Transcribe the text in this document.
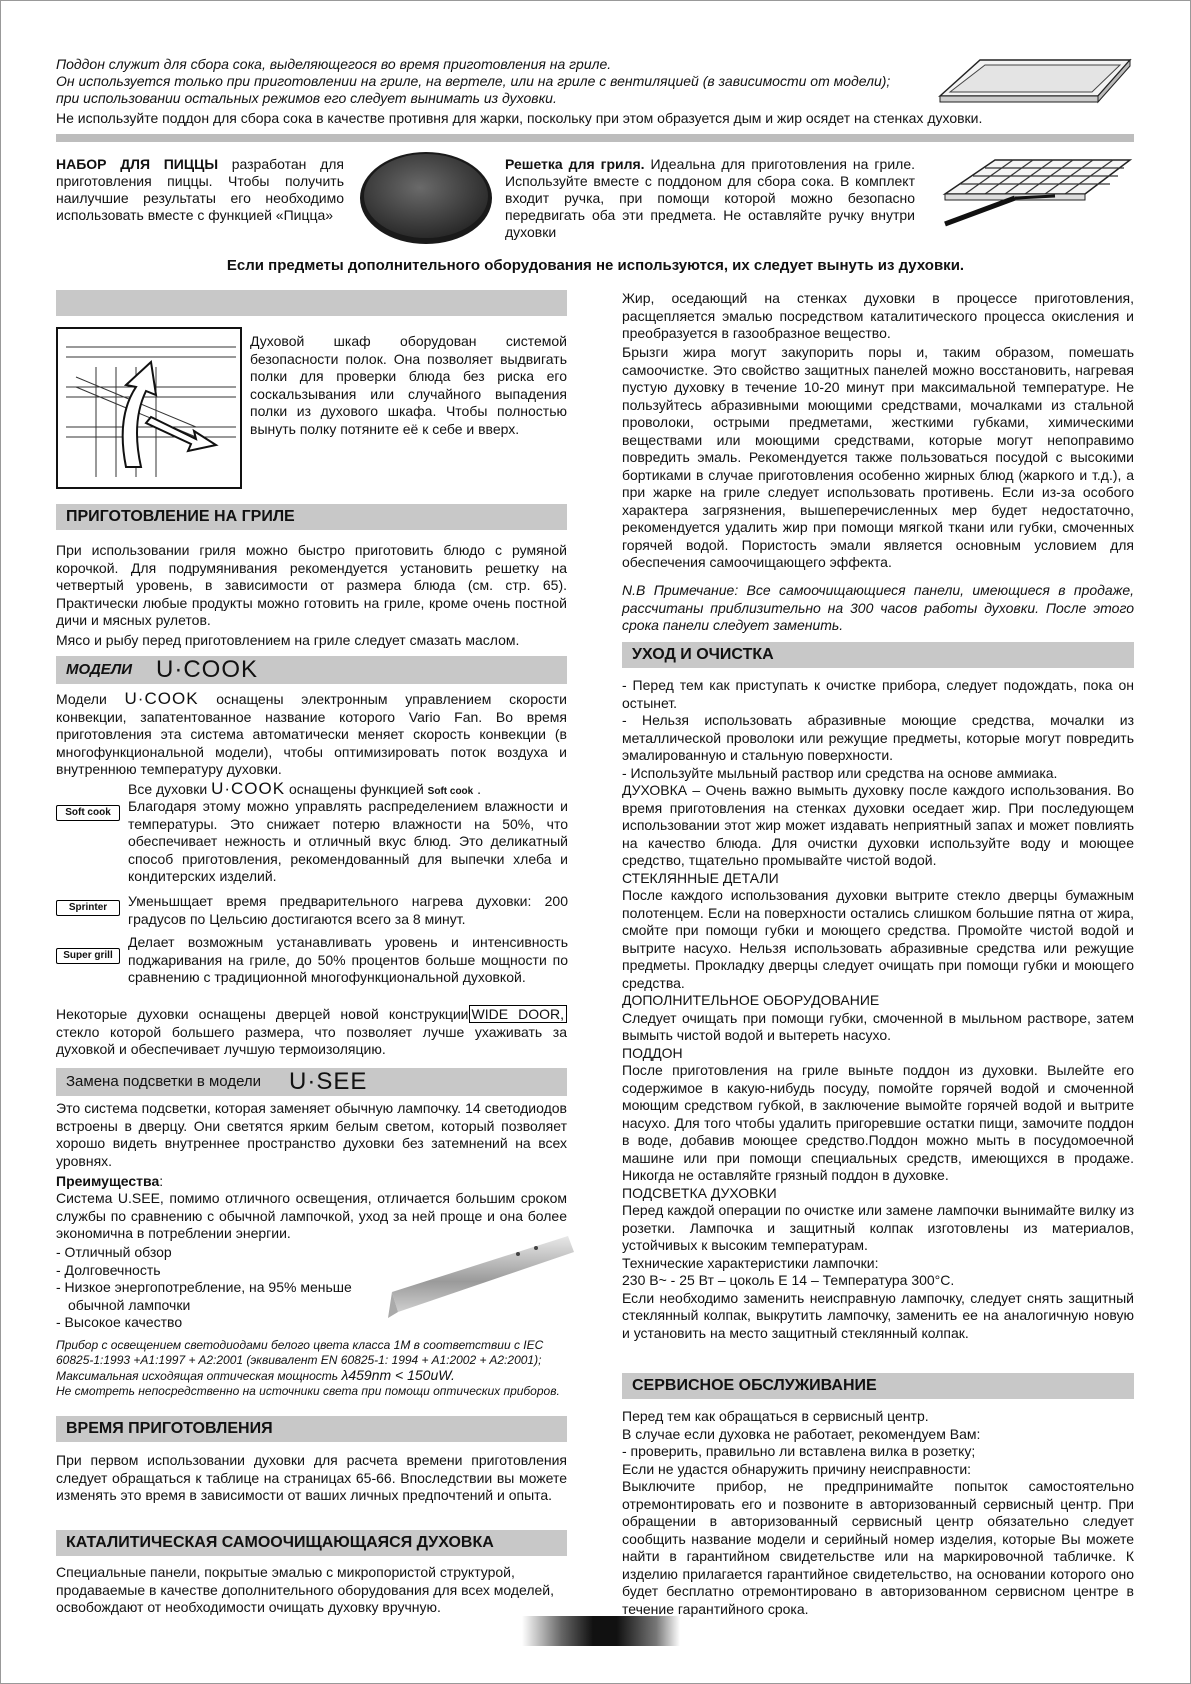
Поддон служит для сбора сока, выделяющегося во время приготовления на гриле.
Он используется только при приготовлении на гриле, на вертеле, или на гриле с вентиляцией (в зависимости от модели);
при использовании остальных режимов его следует вынимать из духовки.
Не используйте поддон для сбора сока в качестве противня для жарки, поскольку при этом образуется дым и жир осядет на стенках духовки.
НАБОР ДЛЯ ПИЦЦЫ разработан для приготовления пиццы. Чтобы получить наилучшие результаты его необходимо использовать вместе с функцией «Пицца»
Решетка для гриля. Идеальна для приготовления на гриле. Используйте вместе с поддоном для сбора сока. В комплект входит ручка, при помощи которой можно безопасно передвигать оба эти предмета. Не оставляйте ручку внутри духовки
Если предметы дополнительного оборудования не используются, их следует вынуть из духовки.
Духовой шкаф оборудован системой безопасности полок. Она позволяет выдвигать полки для проверки блюда без риска его соскальзывания или случайного выпадения полки из духового шкафа. Чтобы полностью вынуть полку потяните её к себе и вверх.
ПРИГОТОВЛЕНИЕ НА ГРИЛЕ
При использовании гриля можно быстро приготовить блюдо с румяной корочкой. Для подрумянивания рекомендуется установить решетку на четвертый уровень, в зависимости от размера блюда (см. стр. 65). Практически любые продукты можно готовить на гриле, кроме очень постной дичи и мясных рулетов.
Мясо и рыбу перед приготовлением на гриле следует смазать маслом.
МОДЕЛИ U·COOK
Модели U·COOK оснащены электронным управлением скорости конвекции, запатентованное название которого Vario Fan. Во время приготовления эта система автоматически меняет скорость конвекции (в многофункциональной модели), чтобы оптимизировать поток воздуха и внутреннюю температуру духовки.
Все духовки U·COOK оснащены функцией Soft cook .
Soft cook	Благодаря этому можно управлять распределением влажности и температуры. Это снижает потерю влажности на 50%, что обеспечивает нежность и отличный вкус блюд. Это деликатный способ приготовления, рекомендованный для выпечки хлеба и кондитерских изделий.
Sprinter	Уменьшщает время предварительного нагрева духовки: 200 градусов по Цельсию достигаются всего за 8 минут.
Super grill
Делает возможным устанавливать уровень и интенсивность поджаривания на гриле, до 50% процентов больше мощности по сравнению с традиционной многофункциональной духовкой.
Некоторые духовки оснащены дверцей новой конструкции WIDE DOOR, стекло которой большего размера, что позволяет лучше ухаживать за духовкой и обеспечивает лучшую термоизоляцию.
Замена подсветки в модели U·SEE
Это система подсветки, которая заменяет обычную лампочку. 14 светодиодов встроены в дверцу. Они светятся ярким белым светом, который позволяет хорошо видеть внутреннее пространство духовки без затемнений на всех уровнях.
Преимущества:
Система U.SEE, помимо отличного освещения, отличается большим сроком службы по сравнению с обычной лампочкой, уход за ней проще и она более экономична в потреблении энергии.
- Отличный обзор
- Долговечность
- Низкое энергопотребление, на 95% меньше
обычной лампочки
- Высокое качество
Прибор с освещением светодиодами белого цвета класса 1М в соответствии с IEC
60825-1:1993 +A1:1997 + A2:2001 (эквивалент EN 60825-1: 1994 + A1:2002 + A2:2001);
Максимальная исходящая оптическая мощность λ459nm < 150uW.
Не смотреть непосредственно на источники света при помощи оптических приборов.
ВРЕМЯ ПРИГОТОВЛЕНИЯ
При первом использовании духовки для расчета времени приготовления следует обращаться к таблице на страницах 65-66. Впоследствии вы можете изменять это время в зависимости от ваших личных предпочтений и опыта.
КАТАЛИТИЧЕСКАЯ САМООЧИЩАЮЩАЯСЯ ДУХОВКА
Специальные панели, покрытые эмалью с микропористой структурой, продаваемые в качестве дополнительного оборудования для всех моделей, освобождают от необходимости очищать духовку вручную.
Жир, оседающий на стенках духовки в процессе приготовления, расщепляется эмалью посредством каталитического процесса окисления и преобразуется в газообразное вещество.
Брызги жира могут закупорить поры и, таким образом, помешать самоочистке. Это свойство защитных панелей можно восстановить, нагревая пустую духовку в течение 10-20 минут при максимальной температуре. Не пользуйтесь абразивными моющими средствами, мочалками из стальной проволоки, острыми предметами, жесткими губками, химическими веществами или моющими средствами, которые могут непоправимо повредить эмаль. Рекомендуется также пользоваться посудой с высокими бортиками в случае приготовления особенно жирных блюд (жаркого и т.д.), а при жарке на гриле следует использовать противень. Если из-за особого характера загрязнения, вышеперечисленных мер будет недостаточно, рекомендуется удалить жир при помощи мягкой ткани или губки, смоченных горячей водой. Пористость эмали является основным условием для обеспечения самоочищающего эффекта.
N.B Примечание: Все самоочищающиеся панели, имеющиеся в продаже, рассчитаны приблизительно на 300 часов работы духовки. После этого срока панели следует заменить.
УХОД И ОЧИСТКА
- Перед тем как приступать к очистке прибора, следует подождать, пока он остынет.
- Нельзя использовать абразивные моющие средства, мочалки из металлической проволоки или режущие предметы, которые могут повредить эмалированную и стальную поверхности.
- Используйте мыльный раствор или средства на основе аммиака.
ДУХОВКА – Очень важно вымыть духовку после каждого использования. Во время приготовления на стенках духовки оседает жир. При последующем использовании этот жир может издавать неприятный запах и может повлиять на качество блюда. Для очистки духовки используйте воду и моющее средство, тщательно промывайте чистой водой.
СТЕКЛЯННЫЕ ДЕТАЛИ
После каждого использования духовки вытрите стекло дверцы бумажным полотенцем. Если на поверхности остались слишком большие пятна от жира, смойте при помощи губки и моющего средства. Промойте чистой водой и вытрите насухо. Нельзя использовать абразивные средства или режущие предметы. Прокладку дверцы следует очищать при помощи губки и моющего средства.
ДОПОЛНИТЕЛЬНОЕ ОБОРУДОВАНИЕ
Следует очищать при помощи губки, смоченной в мыльном растворе, затем вымыть чистой водой и вытереть насухо.
ПОДДОН
После приготовления на гриле выньте поддон из духовки. Вылейте его содержимое в какую-нибудь посуду, помойте горячей водой и смоченной моющим средством губкой, в заключение вымойте горячей водой и вытрите насухо. Для того чтобы удалить пригоревшие остатки пищи, замочите поддон в воде, добавив моющее средство.Поддон можно мыть в посудомоечной машине или при помощи специальных средств, имеющихся в продаже. Никогда не оставляйте грязный поддон в духовке.
ПОДСВЕТКА ДУХОВКИ
Перед каждой операции по очистке или замене лампочки вынимайте вилку из розетки. Лампочка и защитный колпак изготовлены из материалов, устойчивых к высоким температурам.
Технические характеристики лампочки:
230 В~ - 25 Вт – цоколь Е 14 – Температура 300°С.
Если необходимо заменить неисправную лампочку, следует снять защитный стеклянный колпак, выкрутить лампочку, заменить ее на аналогичную новую и установить на место защитный стеклянный колпак.
СЕРВИСНОЕ ОБСЛУЖИВАНИЕ
Перед тем как обращаться в сервисный центр.
В случае если духовка не работает, рекомендуем Вам:
- проверить, правильно ли вставлена вилка в розетку;
Если не удастся обнаружить причину неисправности:
Выключите прибор, не предпринимайте попыток самостоятельно отремонтировать его и позвоните в авторизованный сервисный центр. При обращении в авторизованный сервисный центр обязательно следует сообщить название модели и серийный номер изделия, которые Вы можете найти в гарантийном свидетельстве или на маркировочной табличке. К изделию прилагается гарантийное свидетельство, на основании которого оно будет бесплатно отремонтировано в авторизованном сервисном центре в течение гарантийного срока.
